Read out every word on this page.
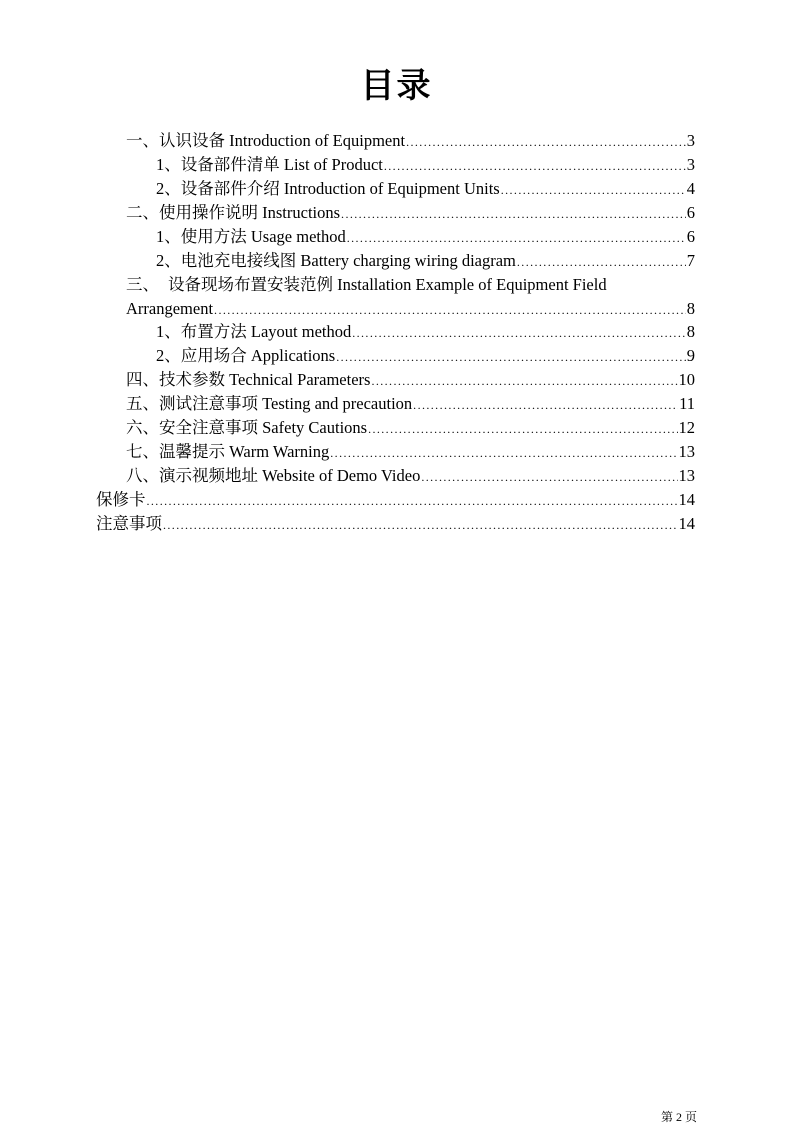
目录
一、 认识设备 Introduction of Equipment .....	3
1、 设备部件清单 List of Product .....	3
2、 设备部件介绍 Introduction of Equipment Units .....	4
二、 使用操作说明 Instructions .....	6
1、 使用方法 Usage method .....	6
2、 电池充电接线图 Battery charging wiring diagram .....	7
三、 设备现场布置安装范例 Installation Example of Equipment Field
Arrangement .....	8
1、 布置方法 Layout method .....	8
2、 应用场合 Applications .....	9
四、 技术参数 Technical Parameters .....	10
五、 测试注意事项 Testing and precaution .....	11
六、 安全注意事项 Safety Cautions .....	12
七、 温馨提示 Warm Warning .....	13
八、 演示视频地址 Website of Demo Video .....	13
保修卡 .....	14
注意事项 .....	14
第 2 页
